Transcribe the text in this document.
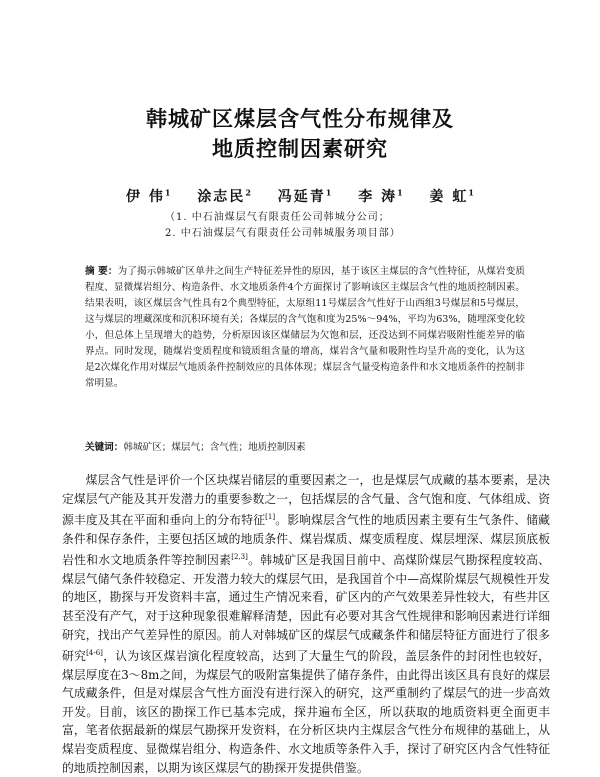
韩城矿区煤层含气性分布规律及
地质控制因素研究
伊 伟$^1$ 涂志民$^2$ 冯延青$^1$ 李 涛$^1$ 姜 虹$^1$
（1. 中石油煤层气有限责任公司韩城分公司；
2. 中石油煤层气有限责任公司韩城服务项目部）
摘 要：为了揭示韩城矿区单井之间生产特征差异性的原因，基于该区主煤层的含气性特征，从煤岩变质程度、显微煤岩组分、构造条件、水文地质条件4个方面探讨了影响该区主煤层含气性的地质控制因素。结果表明，该区煤层含气性具有2个典型特征，太原组11号煤层含气性好于山西组3号煤层和5号煤层，这与煤层的埋藏深度和沉积环境有关；各煤层的含气饱和度为25%～94%，平均为63%，随埋深变化较小，但总体上呈现增大的趋势，分析原因该区煤储层为欠饱和层，还没达到不同煤岩吸附性能差异的临界点。同时发现，随煤岩变质程度和镜质组含量的增高，煤岩含气量和吸附性均呈升高的变化，认为这是2次煤化作用对煤层气地质条件控制效应的具体体现；煤层含气量受构造条件和水文地质条件的控制非常明显。
关键词：韩城矿区；煤层气；含气性；地质控制因素
煤层含气性是评价一个区块煤岩储层的重要因素之一，也是煤层气成藏的基本要素，是决定煤层气产能及其开发潜力的重要参数之一，包括煤层的含气量、含气饱和度、气体组成、资源丰度及其在平面和垂向上的分布特征[1]。影响煤层含气性的地质因素主要有生气条件、储藏条件和保存条件，主要包括区域的地质条件、煤岩煤质、煤变质程度、煤层埋深、煤层顶底板岩性和水文地质条件等控制因素[2,3]。韩城矿区是我国目前中、高煤阶煤层气勘探程度较高、煤层气储气条件较稳定、开发潜力较大的煤层气田，是我国首个中—高煤阶煤层气规模性开发的地区，勘探与开发资料丰富，通过生产情况来看，矿区内的产气效果差异性较大，有些井区甚至没有产气，对于这种现象很难解释清楚，因此有必要对其含气性规律和影响因素进行详细研究，找出产气差异性的原因。前人对韩城矿区的煤层气成藏条件和储层特征方面进行了很多研究[4-6]，认为该区煤岩演化程度较高，达到了大量生气的阶段，盖层条件的封闭性也较好，煤层厚度在3～8m之间，为煤层气的吸附富集提供了储存条件，由此得出该区具有良好的煤层气成藏条件，但是对煤层含气性方面没有进行深入的研究，这严重制约了煤层气的进一步高效开发。目前，该区的勘探工作已基本完成，探井遍布全区，所以获取的地质资料更全面更丰富，笔者依据最新的煤层气勘探开发资料，在分析区块内主煤层含气性分布规律的基础上，从煤岩变质程度、显微煤岩组分、构造条件、水文地质等条件入手，探讨了研究区内含气性特征的地质控制因素，以期为该区煤层气的勘探开发提供借鉴。
